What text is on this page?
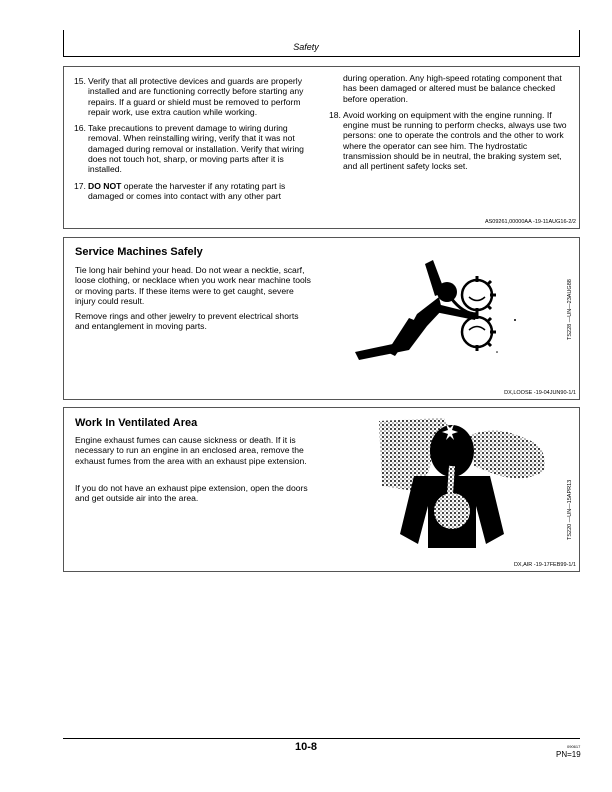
Safety
15. Verify that all protective devices and guards are properly installed and are functioning correctly before starting any repairs. If a guard or shield must be removed to perform repair work, use extra caution while working.
16. Take precautions to prevent damage to wiring during removal. When reinstalling wiring, verify that it was not damaged during removal or installation. Verify that wiring does not touch hot, sharp, or moving parts after it is installed.
17. DO NOT operate the harvester if any rotating part is damaged or comes into contact with any other part
during operation. Any high-speed rotating component that has been damaged or altered must be balance checked before operation.
18. Avoid working on equipment with the engine running. If engine must be running to perform checks, always use two persons: one to operate the controls and the other to work where the operator can see him. The hydrostatic transmission should be in neutral, the braking system set, and all pertinent safety locks set.
AS09261,00000AA -19-11AUG16-2/2
Service Machines Safely

Tie long hair behind your head. Do not wear a necktie, scarf, loose clothing, or necklace when you work near machine tools or moving parts. If these items were to get caught, severe injury could result.

Remove rings and other jewelry to prevent electrical shorts and entanglement in moving parts.	TS228 —UN—23AUG88
DX,LOOSE -19-04JUN90-1/1
Work In Ventilated Area

Engine exhaust fumes can cause sickness or death. If it is necessary to run an engine in an enclosed area, remove the exhaust fumes from the area with an exhaust pipe extension.

If you do not have an exhaust pipe extension, open the doors and get outside air into the area.	TS220 —UN—15APR13
DX,AIR -19-17FEB99-1/1
10-8	090617
PN=19
